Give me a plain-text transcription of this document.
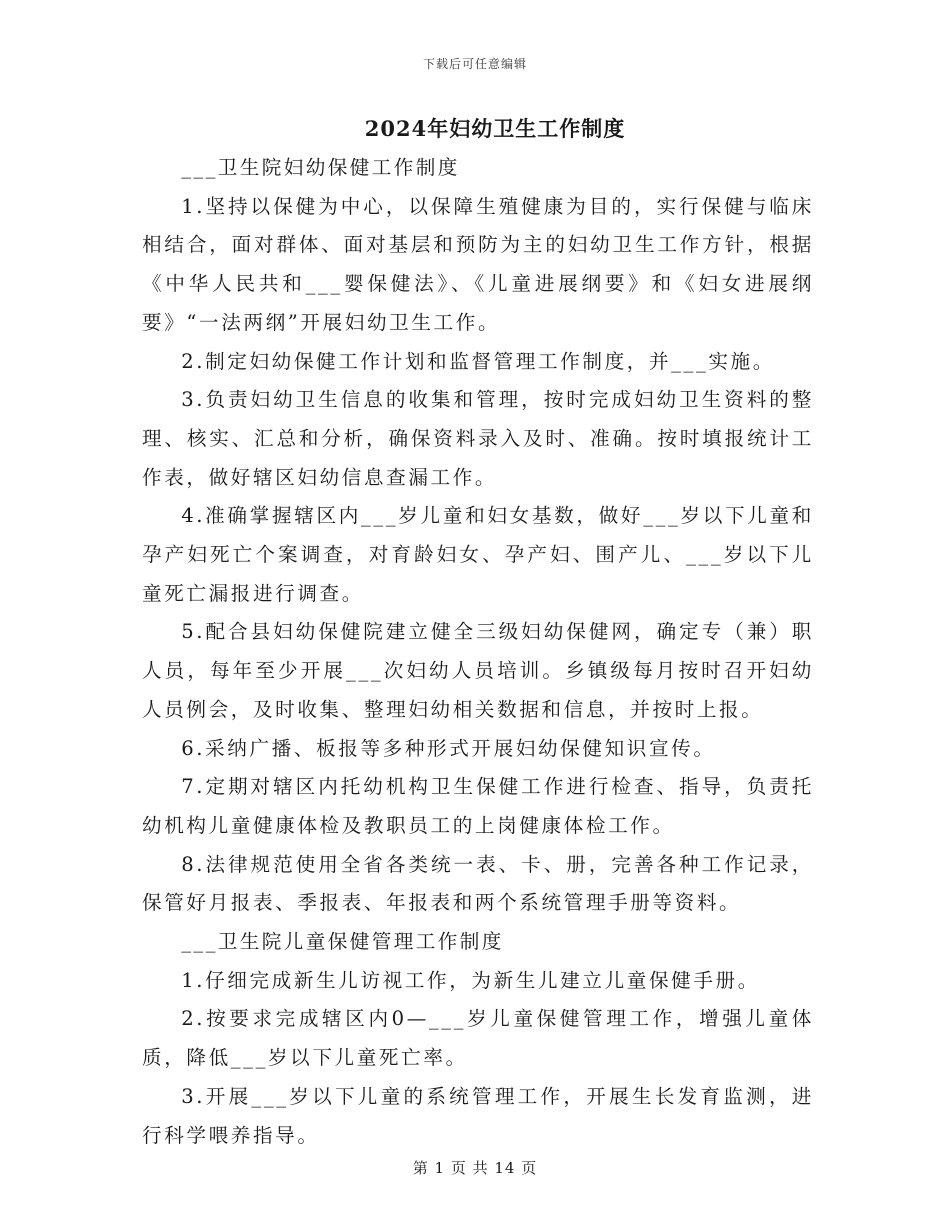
下载后可任意编辑
2024年妇幼卫生工作制度

___卫生院妇幼保健工作制度

1.坚持以保健为中心，以保障生殖健康为目的，实行保健与临床相结合，面对群体、面对基层和预防为主的妇幼卫生工作方针，根据《中华人民共和___婴保健法》、《儿童进展纲要》和《妇女进展纲要》“一法两纲”开展妇幼卫生工作。

2.制定妇幼保健工作计划和监督管理工作制度，并___实施。

3.负责妇幼卫生信息的收集和管理，按时完成妇幼卫生资料的整理、核实、汇总和分析，确保资料录入及时、准确。按时填报统计工作表，做好辖区妇幼信息查漏工作。

4.准确掌握辖区内___岁儿童和妇女基数，做好___岁以下儿童和孕产妇死亡个案调查，对育龄妇女、孕产妇、围产儿、___岁以下儿童死亡漏报进行调查。

5.配合县妇幼保健院建立健全三级妇幼保健网，确定专（兼）职人员，每年至少开展___次妇幼人员培训。乡镇级每月按时召开妇幼人员例会，及时收集、整理妇幼相关数据和信息，并按时上报。

6.采纳广播、板报等多种形式开展妇幼保健知识宣传。

7.定期对辖区内托幼机构卫生保健工作进行检查、指导，负责托幼机构儿童健康体检及教职员工的上岗健康体检工作。

8.法律规范使用全省各类统一表、卡、册，完善各种工作记录，保管好月报表、季报表、年报表和两个系统管理手册等资料。

___卫生院儿童保健管理工作制度

1.仔细完成新生儿访视工作，为新生儿建立儿童保健手册。

2.按要求完成辖区内0—___岁儿童保健管理工作，增强儿童体质，降低___岁以下儿童死亡率。

3.开展___岁以下儿童的系统管理工作，开展生长发育监测，进行科学喂养指导。

第 1 页 共 14 页
